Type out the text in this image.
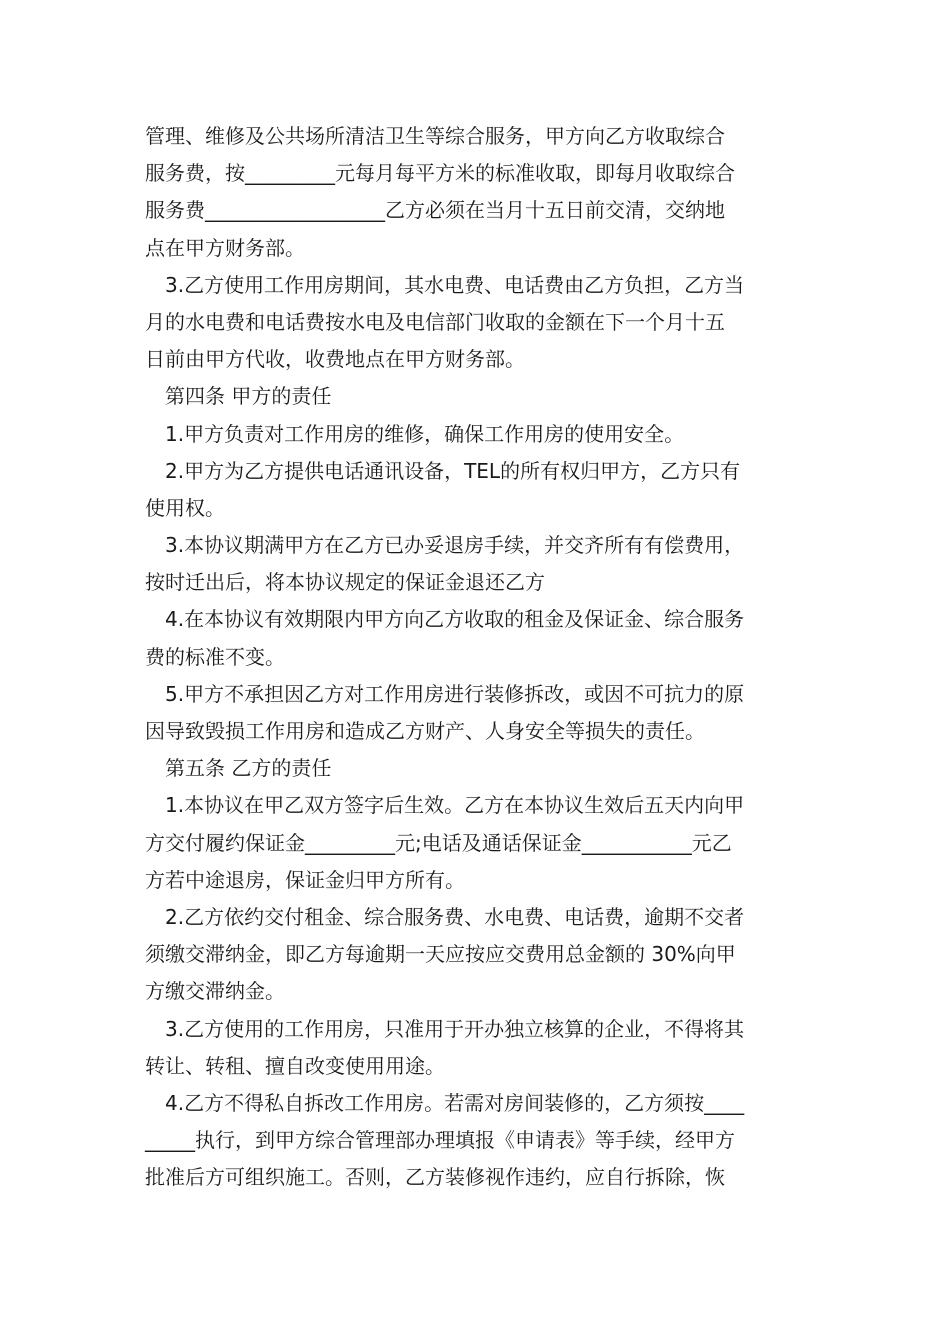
管理、维修及公共场所清洁卫生等综合服务，甲方向乙方收取综合
服务费，按_________元每月每平方米的标准收取，即每月收取综合
服务费__________________乙方必须在当月十五日前交清，交纳地
点在甲方财务部。
3.乙方使用工作用房期间，其水电费、电话费由乙方负担，乙方当
月的水电费和电话费按水电及电信部门收取的金额在下一个月十五
日前由甲方代收，收费地点在甲方财务部。
第四条 甲方的责任
1.甲方负责对工作用房的维修，确保工作用房的使用安全。
2.甲方为乙方提供电话通讯设备，TEL的所有权归甲方，乙方只有
使用权。
3.本协议期满甲方在乙方已办妥退房手续，并交齐所有有偿费用，
按时迁出后，将本协议规定的保证金退还乙方
4.在本协议有效期限内甲方向乙方收取的租金及保证金、综合服务
费的标准不变。
5.甲方不承担因乙方对工作用房进行装修拆改，或因不可抗力的原
因导致毁损工作用房和造成乙方财产、人身安全等损失的责任。
第五条 乙方的责任
1.本协议在甲乙双方签字后生效。乙方在本协议生效后五天内向甲
方交付履约保证金_________元;电话及通话保证金___________元乙
方若中途退房，保证金归甲方所有。
2.乙方依约交付租金、综合服务费、水电费、电话费，逾期不交者
须缴交滞纳金，即乙方每逾期一天应按应交费用总金额的 30%向甲
方缴交滞纳金。
3.乙方使用的工作用房，只准用于开办独立核算的企业，不得将其
转让、转租、擅自改变使用用途。
4.乙方不得私自拆改工作用房。若需对房间装修的，乙方须按____
_____执行，到甲方综合管理部办理填报《申请表》等手续，经甲方
批准后方可组织施工。否则，乙方装修视作违约，应自行拆除，恢
